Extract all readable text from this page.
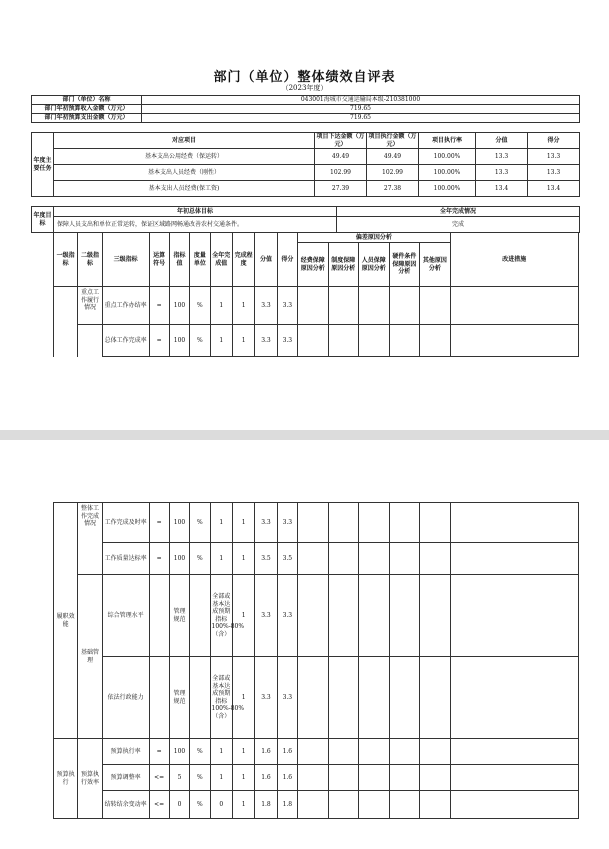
部门（单位）整体绩效自评表
（2023年度）
部门（单位）名称	043001海城市交通运输局本级-210381000
部门年初预算收入金额（万元）	719.65
部门年初预算支出金额（万元）	719.65
年度主要任务	对应项目	项目下达金额（万元）	项目执行金额（万元）	项目执行率	分值	得分
	基本支出公用经费（保运转）	49.49	49.49	100.00%	13.3	13.3
	基本支出人员经费（刚性）	102.99	102.99	100.00%	13.3	13.3
	基本支出人员经费(保工资)	27.39	27.38	100.00%	13.4	13.4
年度目标	年初总体目标	全年完成情况
	保障人员支出和单位正常运转，保证区域路网畅通改善农村交通条件。	完成
	一级指标	二级指标	三级指标	运算符号	指标值	度量单位	全年完成值	完成程度	分值	得分	偏差原因分析					改进措施
											经费保障原因分析	制度保障原因分析	人员保障原因分析	硬件条件保障原因分析	其他原因分析	
		重点工作履行情况	重点工作办结率	=	100	%	1	1	3.3	3.3						
			总体工作完成率	=	100	%	1	1	3.3	3.3						
	履职效能	整体工作完成情况	工作完成及时率	=	100	%	1	1	3.3	3.3						
			工作质量达标率	=	100	%	1	1	3.5	3.5						
		基础管理	综合管理水平		管理规范		全部或基本达成预期指标100%-80%（含）	1	3.3	3.3						
			依法行政能力		管理规范		全部或基本达成预期指标100%-80%（含）	1	3.3	3.3						
	预算执行	预算执行效率	预算执行率	=	100	%	1	1	1.6	1.6						
			预算调整率	<=	5	%	1	1	1.6	1.6						
			结转结余变动率	<=	0	%	0	1	1.8	1.8						
